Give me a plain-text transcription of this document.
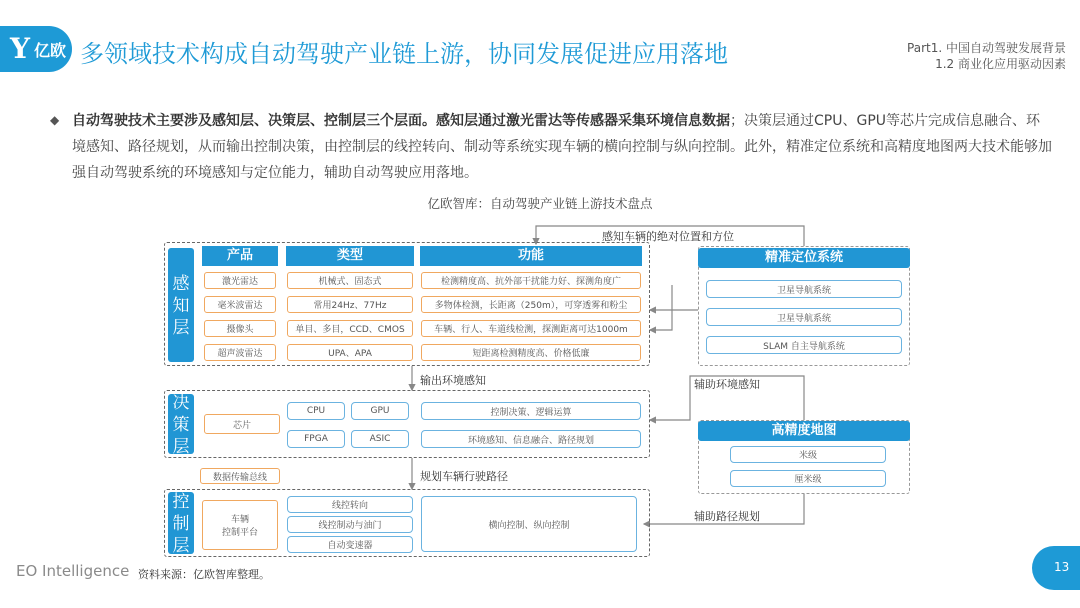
Y 亿欧 多领域技术构成自动驾驶产业链上游，协同发展促进应用落地	Part1. 中国自动驾驶发展背景
1.2 商业化应用驱动因素
◆ 自动驾驶技术主要涉及感知层、决策层、控制层三个层面。感知层通过激光雷达等传感器采集环境信息数据；决策层通过CPU、GPU等芯片完成信息融合、环境感知、路径规划，从而输出控制决策，由控制层的线控转向、制动等系统实现车辆的横向控制与纵向控制。此外，精准定位系统和高精度地图两大技术能够加强自动驾驶系统的环境感知与定位能力，辅助自动驾驶应用落地。
亿欧智库：自动驾驶产业链上游技术盘点
产品	类型	功能
感知层
激光雷达	机械式、固态式	检测精度高、抗外部干扰能力好、探测角度广
毫米波雷达	常用24Hz、77Hz	多物体检测，长距离（250m），可穿透雾和粉尘
摄像头	单目、多目，CCD、CMOS	车辆、行人、车道线检测，探测距离可达1000m
超声波雷达	UPA、APA	短距离检测精度高、价格低廉
输出环境感知
决策层
芯片
CPU	GPU
FPGA	ASIC
控制决策、逻辑运算
环境感知、信息融合、路径规划
数据传输总线	规划车辆行驶路径
控制层
车辆
控制平台
线控转向
线控制动与油门
自动变速器
横向控制、纵向控制
感知车辆的绝对位置和方位
精准定位系统
卫星导航系统
卫星导航系统
SLAM 自主导航系统
辅助环境感知
高精度地图
米级
厘米级
辅助路径规划
EO Intelligence 资料来源：亿欧智库整理。
13
